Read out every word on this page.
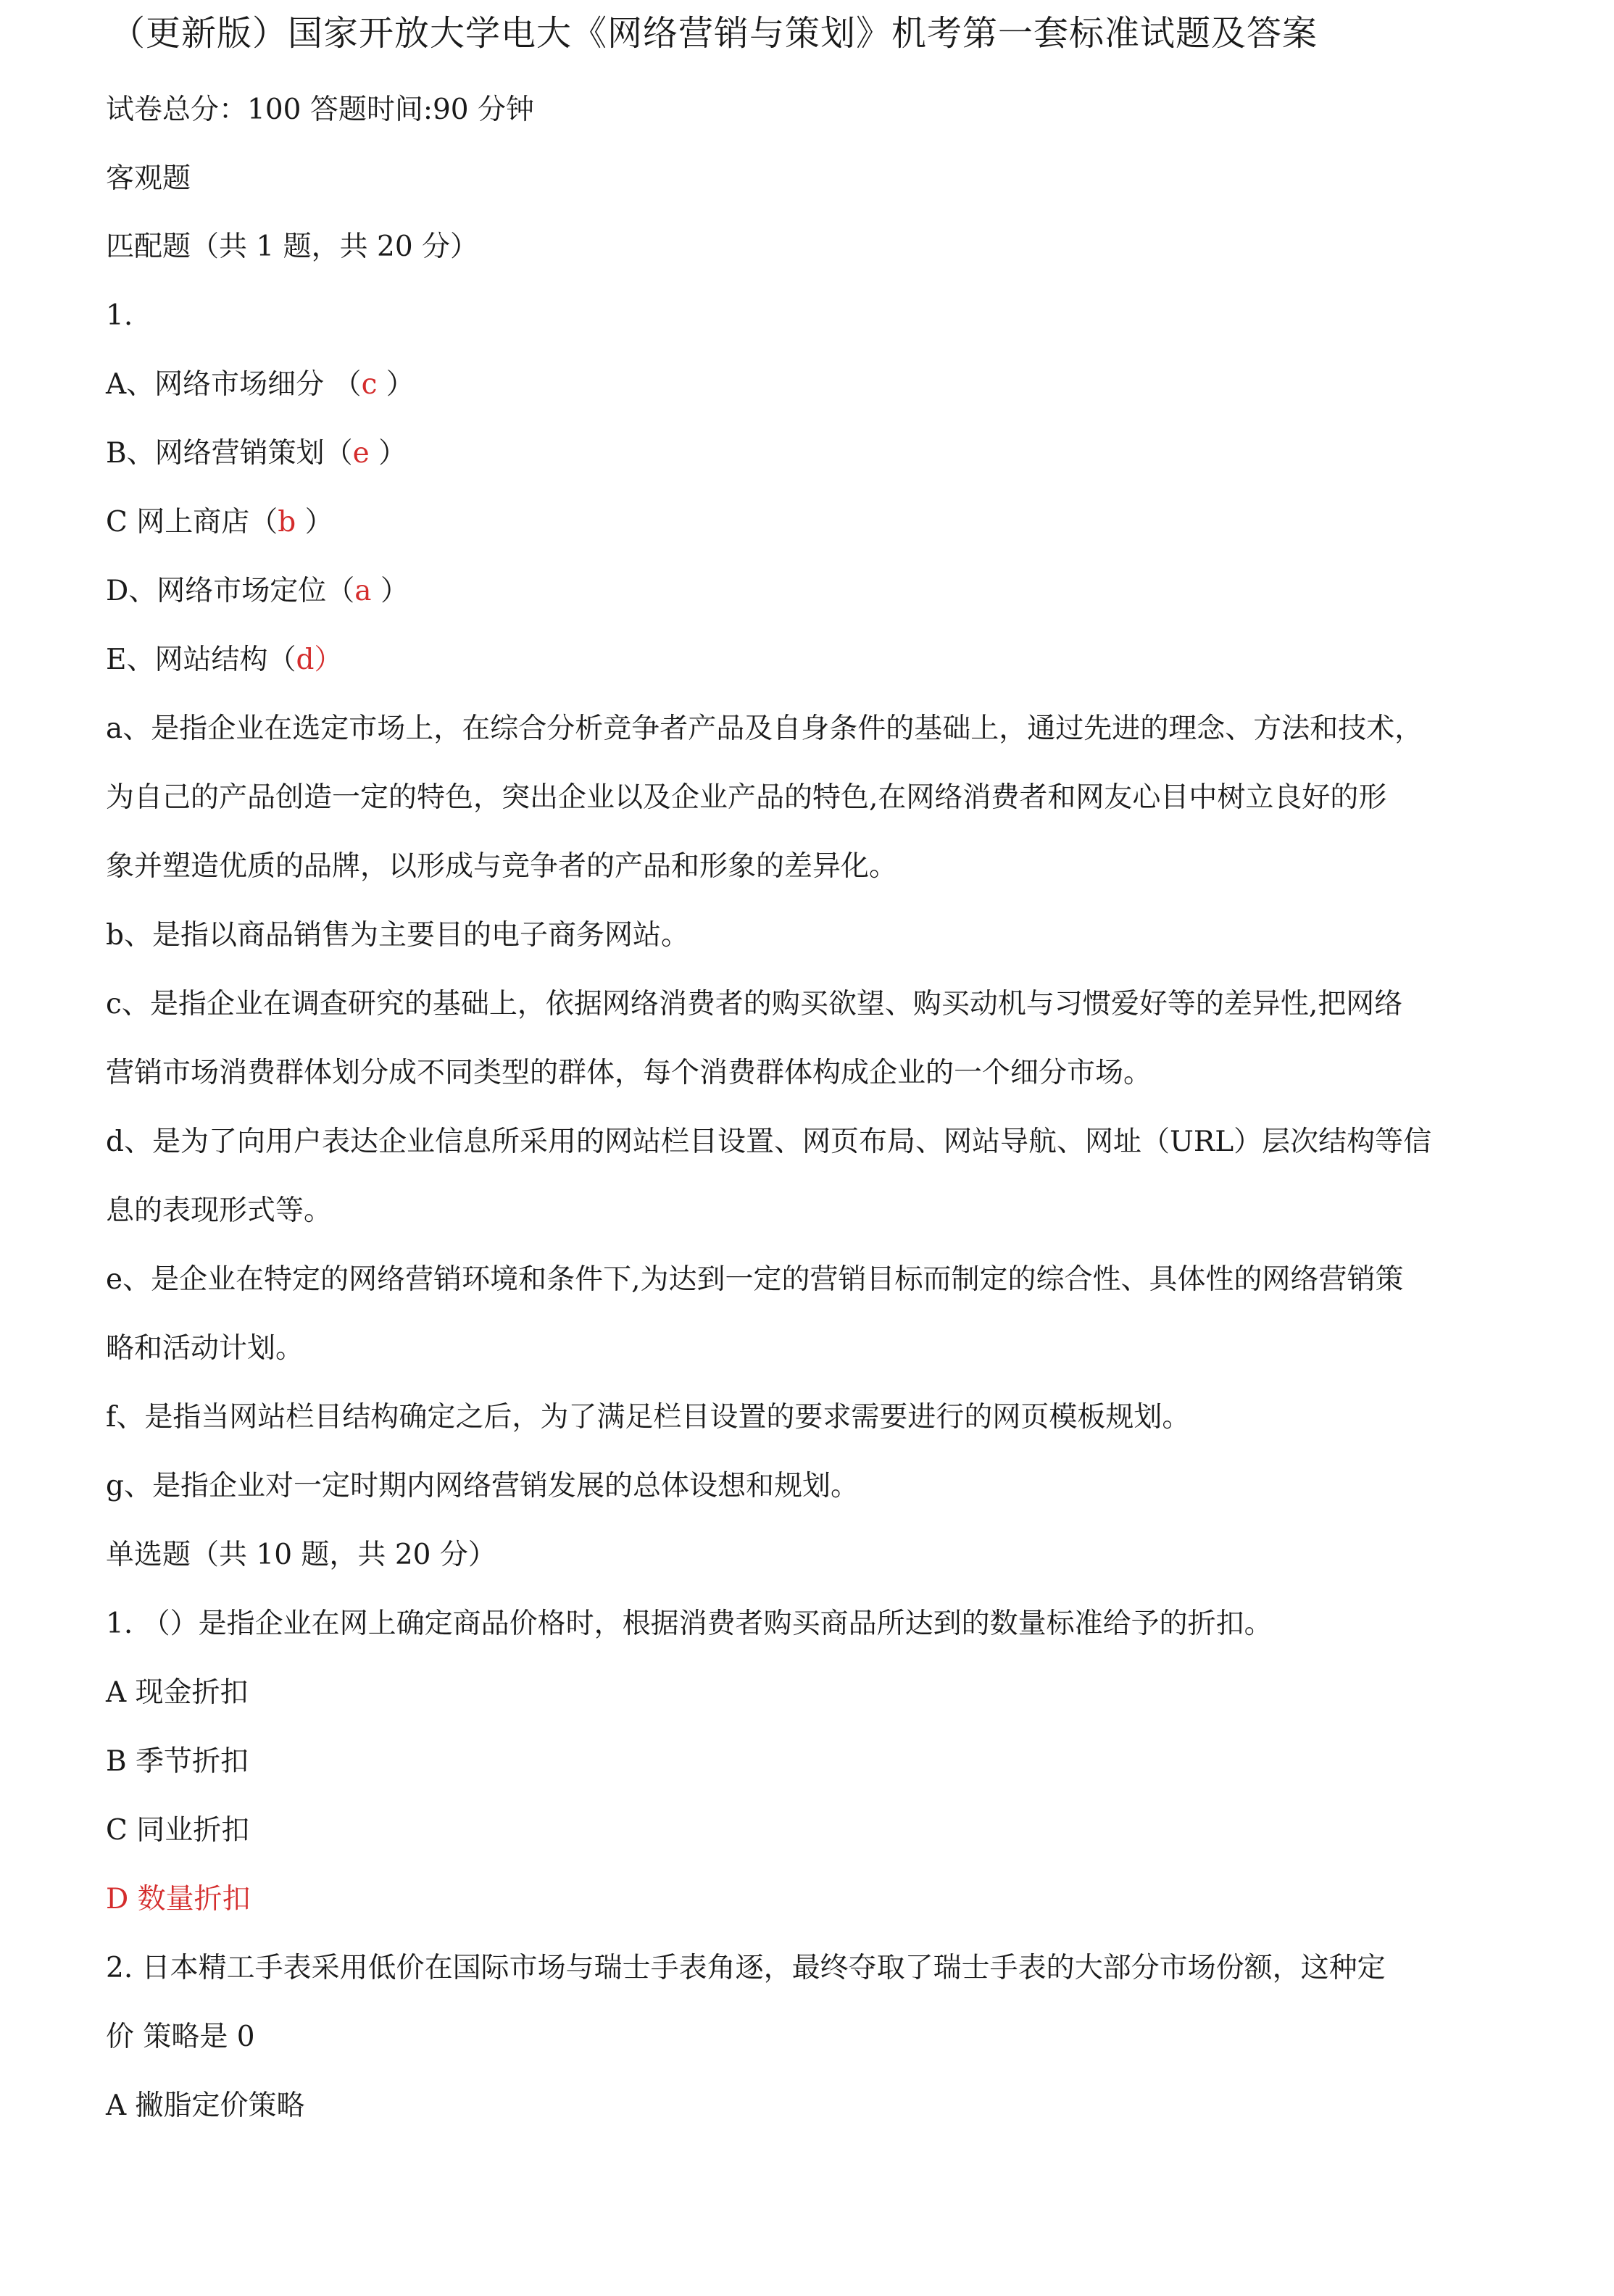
（更新版）国家开放大学电大《网络营销与策划》机考第一套标准试题及答案
试卷总分：100 答题时间:90 分钟
客观题
匹配题（共 1 题，共 20 分）
1.
A、网络市场细分 （c ）
B、网络营销策划（e ）
C 网上商店（b ）
D、网络市场定位（a ）
E、网站结构（d）
a、是指企业在选定市场上，在综合分析竞争者产品及自身条件的基础上，通过先进的理念、方法和技术，
为自己的产品创造一定的特色，突出企业以及企业产品的特色,在网络消费者和网友心目中树立良好的形
象并塑造优质的品牌，以形成与竞争者的产品和形象的差异化。
b、是指以商品销售为主要目的电子商务网站。
c、是指企业在调查研究的基础上，依据网络消费者的购买欲望、购买动机与习惯爱好等的差异性,把网络
营销市场消费群体划分成不同类型的群体，每个消费群体构成企业的一个细分市场。
d、是为了向用户表达企业信息所采用的网站栏目设置、网页布局、网站导航、网址（URL）层次结构等信
息的表现形式等。
e、是企业在特定的网络营销环境和条件下,为达到一定的营销目标而制定的综合性、具体性的网络营销策
略和活动计划。
f、是指当网站栏目结构确定之后，为了满足栏目设置的要求需要进行的网页模板规划。
g、是指企业对一定时期内网络营销发展的总体设想和规划。
单选题（共 10 题，共 20 分）
1. （）是指企业在网上确定商品价格时，根据消费者购买商品所达到的数量标准给予的折扣。
A 现金折扣
B 季节折扣
C 同业折扣
D 数量折扣
2. 日本精工手表采用低价在国际市场与瑞士手表角逐，最终夺取了瑞士手表的大部分市场份额，这种定
价 策略是 0
A 撇脂定价策略
